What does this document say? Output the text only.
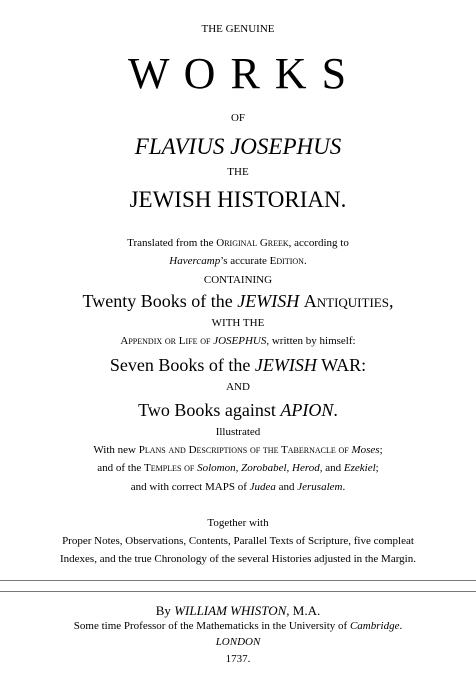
THE GENUINE
W O R K S
OF
FLAVIUS JOSEPHUS
THE
JEWISH HISTORIAN.
Translated from the Original Greek, according to
Havercamp’s accurate Edition.
CONTAINING
Twenty Books of the JEWISH Antiquities,
WITH THE
Appendix or Life of JOSEPHUS, written by himself:
Seven Books of the JEWISH WAR:
AND
Two Books against APION.
Illustrated
With new Plans and Descriptions of the Tabernacle of Moses;
and of the Temples of Solomon, Zorobabel, Herod, and Ezekiel;
and with correct MAPS of Judea and Jerusalem.
Together with
Proper Notes, Observations, Contents, Parallel Texts of Scripture, five compleat
Indexes, and the true Chronology of the several Histories adjusted in the Margin.
By WILLIAM WHISTON, M.A.
Some time Professor of the Mathematicks in the University of Cambridge.
LONDON
1737.
